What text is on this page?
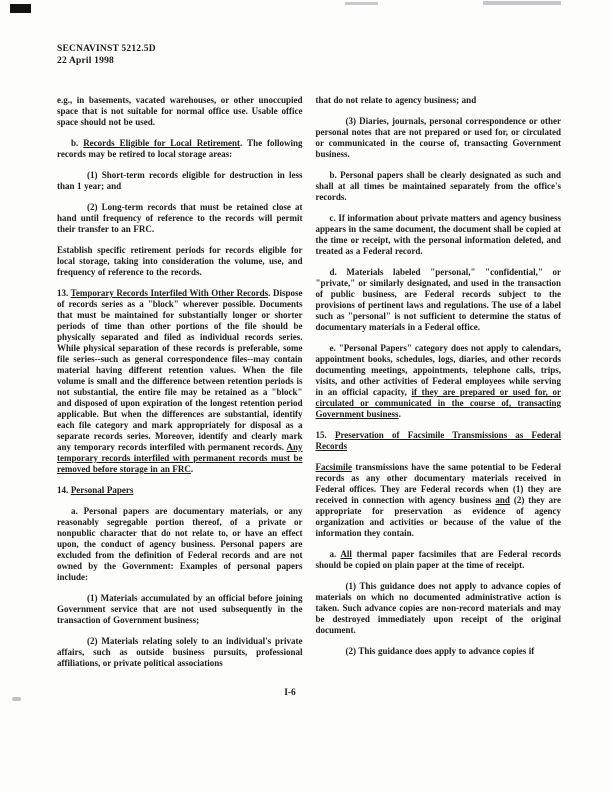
SECNAVINST 5212.5D
22 April 1998

e.g., in basements, vacated warehouses, or other unoccupied space that is not suitable for normal office use. Usable office space should not be used.

b. Records Eligible for Local Retirement. The following records may be retired to local storage areas:

(1) Short-term records eligible for destruction in less than 1 year; and

(2) Long-term records that must be retained close at hand until frequency of reference to the records will permit their transfer to an FRC.

Establish specific retirement periods for records eligible for local storage, taking into consideration the volume, use, and frequency of reference to the records.

13. Temporary Records Interfiled With Other Records. Dispose of records series as a "block" wherever possible. Documents that must be maintained for substantially longer or shorter periods of time than other portions of the file should be physically separated and filed as individual records series. While physical separation of these records is preferable, some file series--such as general correspondence files--may contain material having different retention values. When the file volume is small and the difference between retention periods is not substantial, the entire file may be retained as a "block" and disposed of upon expiration of the longest retention period applicable. But when the differences are substantial, identify each file category and mark appropriately for disposal as a separate records series. Moreover, identify and clearly mark any temporary records interfiled with permanent records. Any temporary records interfiled with permanent records must be removed before storage in an FRC.

14. Personal Papers

a. Personal papers are documentary materials, or any reasonably segregable portion thereof, of a private or nonpublic character that do not relate to, or have an effect upon, the conduct of agency business. Personal papers are excluded from the definition of Federal records and are not owned by the Government: Examples of personal papers include:

(1) Materials accumulated by an official before joining Government service that are not used subsequently in the transaction of Government business;

(2) Materials relating solely to an individual's private affairs, such as outside business pursuits, professional affiliations, or private political associations

that do not relate to agency business; and

(3) Diaries, journals, personal correspondence or other personal notes that are not prepared or used for, or circulated or communicated in the course of, transacting Government business.

b. Personal papers shall be clearly designated as such and shall at all times be maintained separately from the office's records.

c. If information about private matters and agency business appears in the same document, the document shall be copied at the time or receipt, with the personal information deleted, and treated as a Federal record.

d. Materials labeled "personal," "confidential," or "private," or similarly designated, and used in the transaction of public business, are Federal records subject to the provisions of pertinent laws and regulations. The use of a label such as "personal" is not sufficient to determine the status of documentary materials in a Federal office.

e. "Personal Papers" category does not apply to calendars, appointment books, schedules, logs, diaries, and other records documenting meetings, appointments, telephone calls, trips, visits, and other activities of Federal employees while serving in an official capacity, if they are prepared or used for, or circulated or communicated in the course of, transacting Government business.

15. Preservation of Facsimile Transmissions as Federal Records

Facsimile transmissions have the same potential to be Federal records as any other documentary materials received in Federal offices. They are Federal records when (1) they are received in connection with agency business and (2) they are appropriate for preservation as evidence of agency organization and activities or because of the value of the information they contain.

a. All thermal paper facsimiles that are Federal records should be copied on plain paper at the time of receipt.

(1) This guidance does not apply to advance copies of materials on which no documented administrative action is taken. Such advance copies are non-record materials and may be destroyed immediately upon receipt of the original document.

(2) This guidance does apply to advance copies if

I-6
